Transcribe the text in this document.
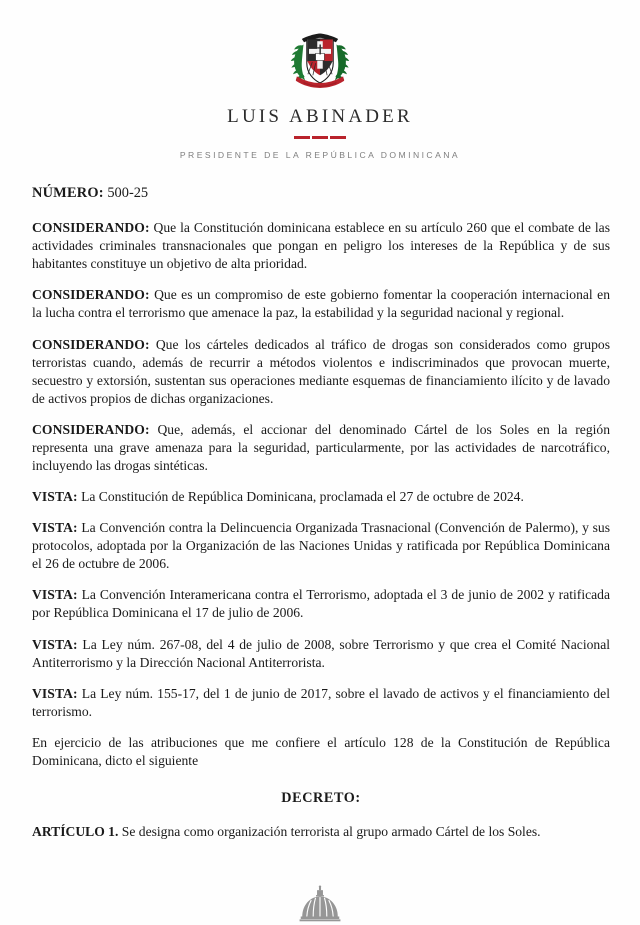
LUIS ABINADER
PRESIDENTE DE LA REPÚBLICA DOMINICANA
NÚMERO: 500-25

CONSIDERANDO: Que la Constitución dominicana establece en su artículo 260 que el combate de las actividades criminales transnacionales que pongan en peligro los intereses de la República y de sus habitantes constituye un objetivo de alta prioridad.

CONSIDERANDO: Que es un compromiso de este gobierno fomentar la cooperación internacional en la lucha contra el terrorismo que amenace la paz, la estabilidad y la seguridad nacional y regional.

CONSIDERANDO: Que los cárteles dedicados al tráfico de drogas son considerados como grupos terroristas cuando, además de recurrir a métodos violentos e indiscriminados que provocan muerte, secuestro y extorsión, sustentan sus operaciones mediante esquemas de financiamiento ilícito y de lavado de activos propios de dichas organizaciones.

CONSIDERANDO: Que, además, el accionar del denominado Cártel de los Soles en la región representa una grave amenaza para la seguridad, particularmente, por las actividades de narcotráfico, incluyendo las drogas sintéticas.

VISTA: La Constitución de República Dominicana, proclamada el 27 de octubre de 2024.

VISTA: La Convención contra la Delincuencia Organizada Trasnacional (Convención de Palermo), y sus protocolos, adoptada por la Organización de las Naciones Unidas y ratificada por República Dominicana el 26 de octubre de 2006.

VISTA: La Convención Interamericana contra el Terrorismo, adoptada el 3 de junio de 2002 y ratificada por República Dominicana el 17 de julio de 2006.

VISTA: La Ley núm. 267-08, del 4 de julio de 2008, sobre Terrorismo y que crea el Comité Nacional Antiterrorismo y la Dirección Nacional Antiterrorista.

VISTA: La Ley núm. 155-17, del 1 de junio de 2017, sobre el lavado de activos y el financiamiento del terrorismo.

En ejercicio de las atribuciones que me confiere el artículo 128 de la Constitución de República Dominicana, dicto el siguiente

DECRETO:

ARTÍCULO 1. Se designa como organización terrorista al grupo armado Cártel de los Soles.
